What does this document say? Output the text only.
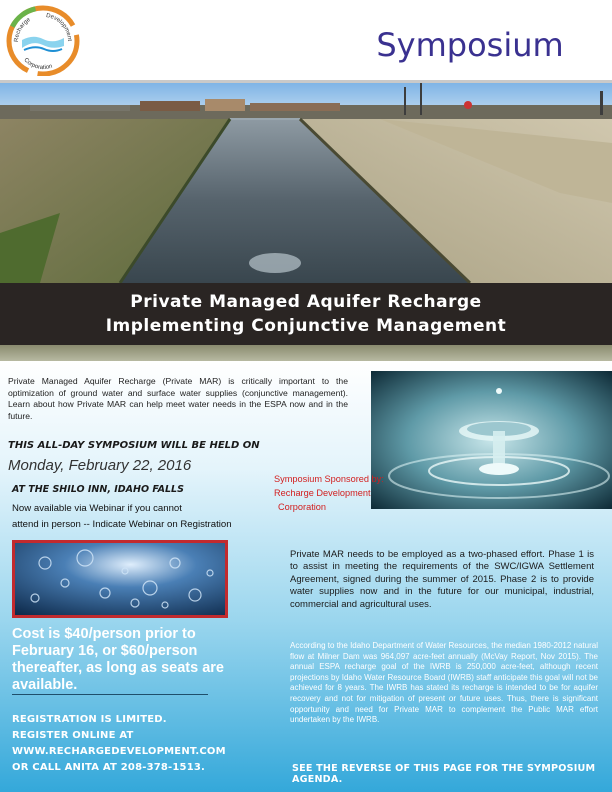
Recharge
Development
Corporation
Symposium
Private Managed Aquifer Recharge
Implementing Conjunctive Management

Private Managed Aquifer Recharge (Private MAR) is critically important to the optimization of ground water and surface water supplies (conjunctive management). Learn about how Private MAR can help meet water needs in the ESPA now and in the future.

THIS ALL-DAY SYMPOSIUM WILL BE HELD ON
Monday, February 22, 2016
AT THE SHILO INN, IDAHO FALLS
Now available via Webinar if you cannot
attend in person -- Indicate Webinar on Registration
Symposium Sponsored by:
Recharge Development
Corporation
Cost is $40/person prior to February 16, or $60/person thereafter, as long as seats are available.
REGISTRATION IS LIMITED.
REGISTER ONLINE AT
WWW.RECHARGEDEVELOPMENT.COM
OR CALL ANITA AT 208-378-1513.

Private MAR needs to be employed as a two-phased effort. Phase 1 is to assist in meeting the requirements of the SWC/IGWA Settlement Agreement, signed during the summer of 2015. Phase 2 is to provide water supplies now and in the future for our municipal, industrial, commercial and agricultural uses.

According to the Idaho Department of Water Resources, the median 1980-2012 natural flow at Milner Dam was 964,097 acre-feet annually (McVay Report, Nov 2015). The annual ESPA recharge goal of the IWRB is 250,000 acre-feet, although recent projections by Idaho Water Resource Board (IWRB) staff anticipate this goal will not be achieved for 8 years. The IWRB has stated its recharge is intended to be for aquifer recovery and not for mitigation of present or future uses. Thus, there is significant opportunity and need for Private MAR to complement the Public MAR effort undertaken by the IWRB.

SEE THE REVERSE OF THIS PAGE FOR THE SYMPOSIUM AGENDA.
